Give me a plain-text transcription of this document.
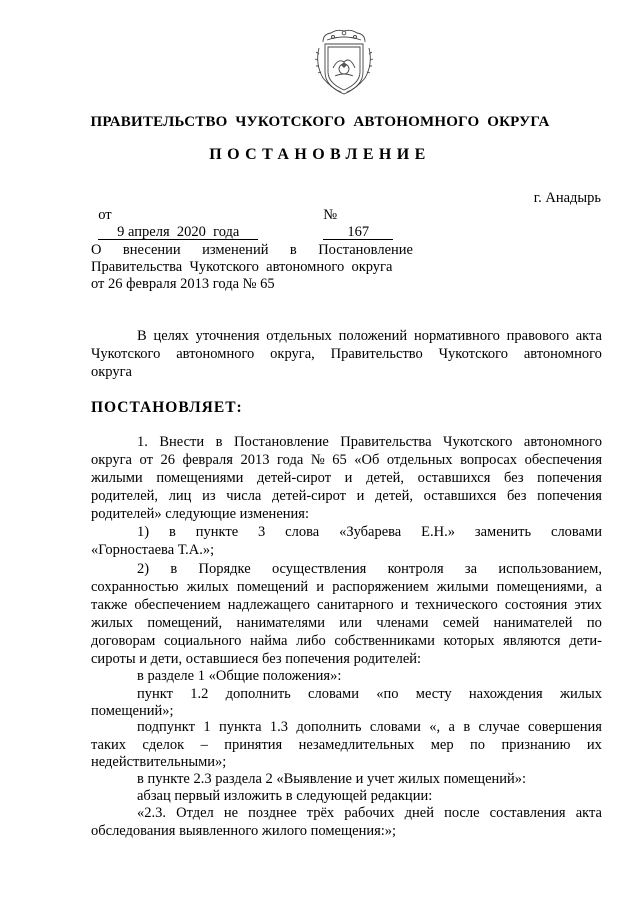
ПРАВИТЕЛЬСТВО  ЧУКОТСКОГО  АВТОНОМНОГО  ОКРУГА
ПОСТАНОВЛЕНИЕ

от
9 апреля  2020  года

№
167

г. Анадырь
О внесении изменений в Постановление
Правительства  Чукотского  автономного  округа
от 26 февраля 2013 года № 65
В целях уточнения отдельных положений нормативного правового акта
Чукотского автономного округа, Правительство Чукотского автономного
округа
ПОСТАНОВЛЯЕТ:
1. Внести в Постановление Правительства Чукотского автономного
округа от 26 февраля 2013 года № 65 «Об отдельных вопросах обеспечения
жилыми помещениями детей-сирот и детей, оставшихся без попечения
родителей, лиц из числа детей-сирот и детей, оставшихся без попечения
родителей» следующие изменения:
1) в пункте 3 слова «Зубарева Е.Н.» заменить словами
«Горностаева Т.А.»;
2) в Порядке осуществления контроля за использованием,
сохранностью жилых помещений и распоряжением жилыми помещениями, а
также обеспечением надлежащего санитарного и технического состояния этих
жилых помещений, нанимателями или членами семей нанимателей по
договорам социального найма либо собственниками которых являются дети-
сироты и дети, оставшиеся без попечения родителей:
в разделе 1 «Общие положения»:
пункт 1.2 дополнить словами «по месту нахождения жилых
помещений»;
подпункт 1 пункта 1.3 дополнить словами «, а в случае совершения
таких сделок – принятия незамедлительных мер по признанию их
недействительными»;
в пункте 2.3 раздела 2 «Выявление и учет жилых помещений»:
абзац первый изложить в следующей редакции:
«2.3. Отдел не позднее трёх рабочих дней после составления акта
обследования выявленного жилого помещения:»;
